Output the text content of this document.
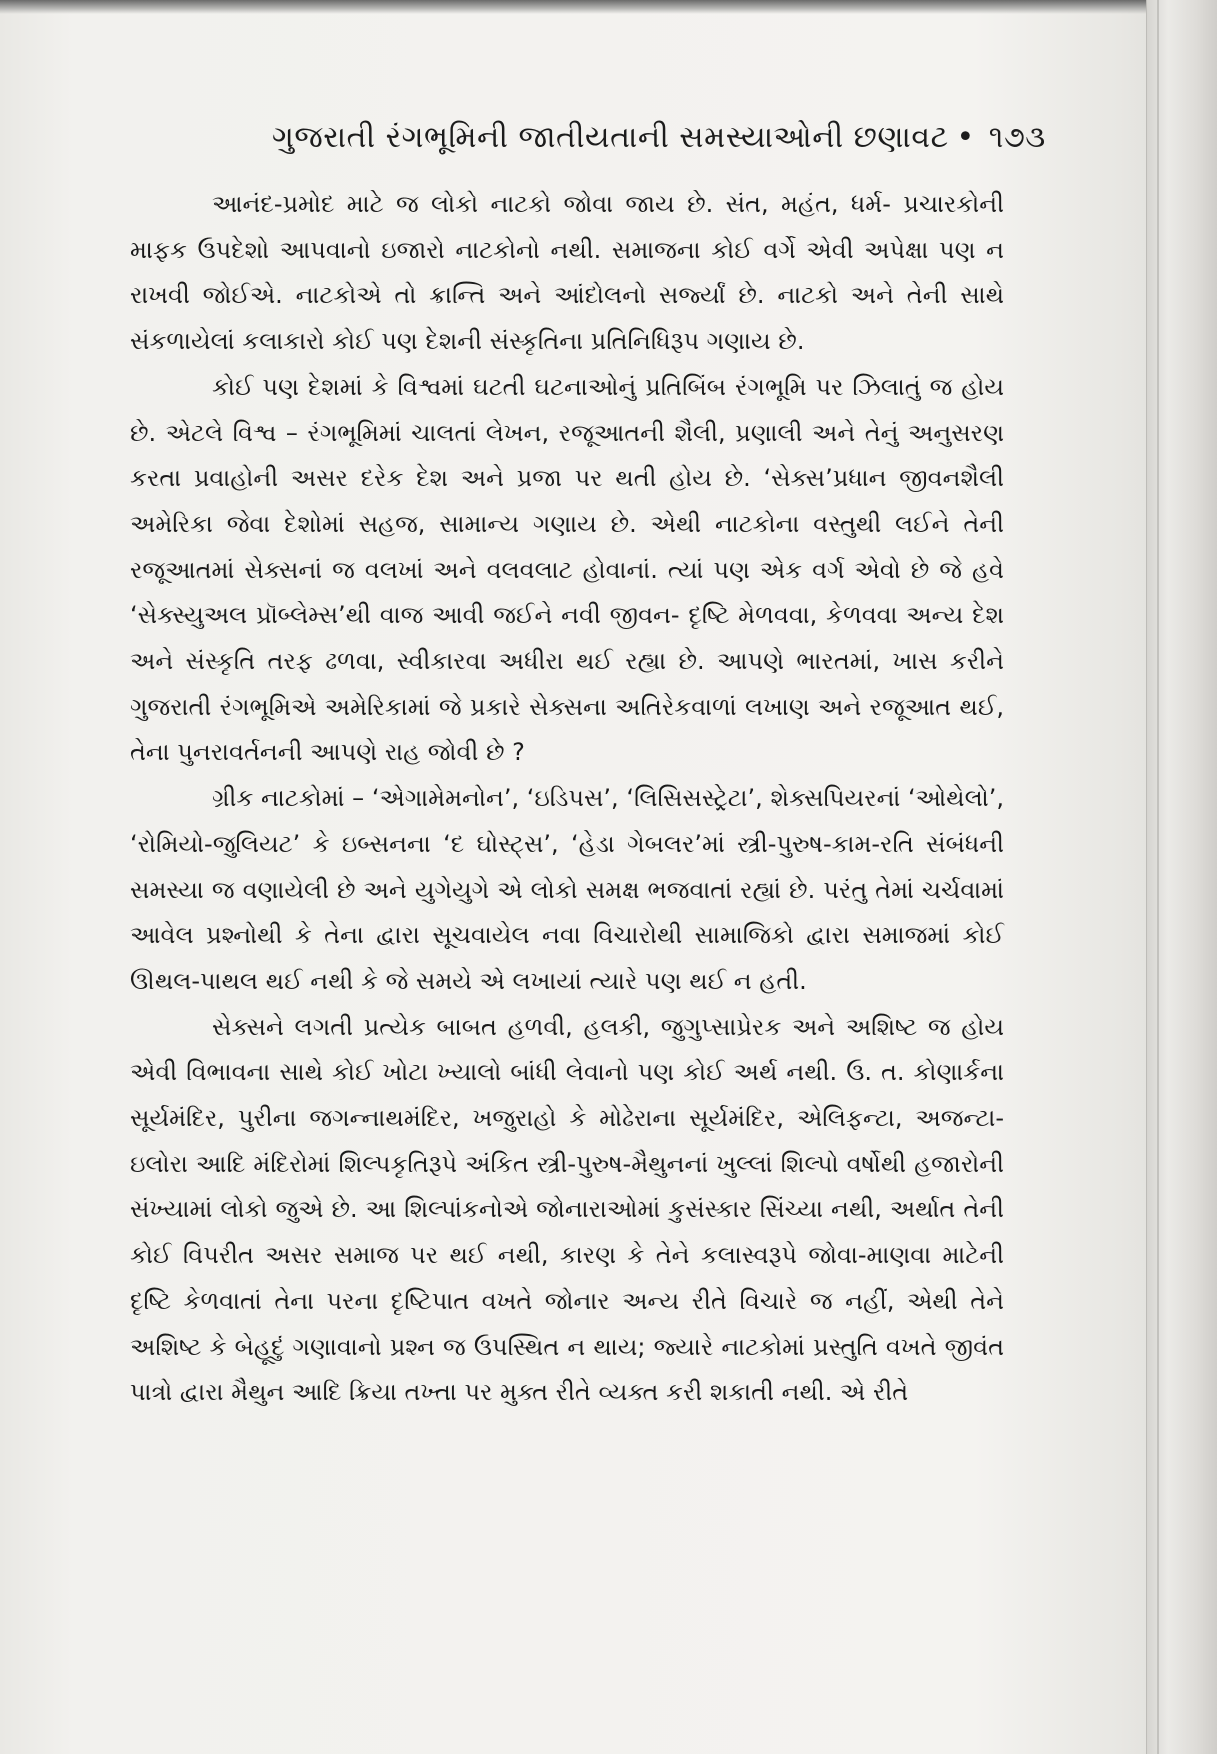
ગુજરાતી રંગભૂમિની જાતીયતાની સમસ્યાઓની છણાવટ • ૧૭૩

આનંદ-પ્રમોદ માટે જ લોકો નાટકો જોવા જાય છે. સંત, મહંત, ધર્મ- પ્રચારકોની માફક ઉપદેશો આપવાનો ઇજારો નાટકોનો નથી. સમાજના કોઈ વર્ગે એવી અપેક્ષા પણ ન રાખવી જોઈએ. નાટકોએ તો ક્રાન્તિ અને આંદોલનો સર્જ્યાં છે. નાટકો અને તેની સાથે સંકળાયેલાં કલાકારો કોઈ પણ દેશની સંસ્કૃતિના પ્રતિનિધિરૂપ ગણાય છે.

કોઈ પણ દેશમાં કે વિશ્વમાં ઘટતી ઘટનાઓનું પ્રતિબિંબ રંગભૂમિ પર ઝિલાતું જ હોય છે. એટલે વિશ્વ – રંગભૂમિમાં ચાલતાં લેખન, રજૂઆતની શૈલી, પ્રણાલી અને તેનું અનુસરણ કરતા પ્રવાહોની અસર દરેક દેશ અને પ્રજા પર થતી હોય છે. ‘સેક્સ’પ્રધાન જીવનશૈલી અમેરિકા જેવા દેશોમાં સહજ, સામાન્ય ગણાય છે. એથી નાટકોના વસ્તુથી લઈને તેની રજૂઆતમાં સેક્સનાં જ વલખાં અને વલવલાટ હોવાનાં. ત્યાં પણ એક વર્ગ એવો છે જે હવે ‘સેક્સ્યુઅલ પ્રૉબ્લેમ્સ’થી વાજ આવી જઈને નવી જીવન- દૃષ્ટિ મેળવવા, કેળવવા અન્ય દેશ અને સંસ્કૃતિ તરફ ઢળવા, સ્વીકારવા અધીરા થઈ રહ્યા છે. આપણે ભારતમાં, ખાસ કરીને ગુજરાતી રંગભૂમિએ અમેરિકામાં જે પ્રકારે સેક્સના અતિરેકવાળાં લખાણ અને રજૂઆત થઈ, તેના પુનરાવર્તનની આપણે રાહ જોવી છે ?

ગ્રીક નાટકોમાં – ‘એગામેમનોન’, ‘ઇડિપસ’, ‘લિસિસસ્ટ્રેટા’, શેક્સપિયરનાં ‘ઓથેલો’, ‘રોમિયો-જુલિયટ’ કે ઇબ્સનના ‘દ ઘોસ્ટ્સ’, ‘હેડા ગેબલર’માં સ્ત્રી-પુરુષ-કામ-રતિ સંબંધની સમસ્યા જ વણાયેલી છે અને યુગેયુગે એ લોકો સમક્ષ ભજવાતાં રહ્યાં છે. પરંતુ તેમાં ચર્ચવામાં આવેલ પ્રશ્નોથી કે તેના દ્વારા સૂચવાયેલ નવા વિચારોથી સામાજિકો દ્વારા સમાજમાં કોઈ ઊથલ-પાથલ થઈ નથી કે જે સમયે એ લખાયાં ત્યારે પણ થઈ ન હતી.

સેક્સને લગતી પ્રત્યેક બાબત હળવી, હલકી, જુગુપ્સાપ્રેરક અને અશિષ્ટ જ હોય એવી વિભાવના સાથે કોઈ ખોટા ખ્યાલો બાંધી લેવાનો પણ કોઈ અર્થ નથી. ઉ. ત. કોણાર્કના સૂર્યમંદિર, પુરીના જગન્નાથમંદિર, ખજુરાહો કે મોઢેરાના સૂર્યમંદિર, એલિફન્ટા, અજન્ટા-ઇલોરા આદિ મંદિરોમાં શિલ્પકૃતિરૂપે અંકિત સ્ત્રી-પુરુષ-મૈથુનનાં ખુલ્લાં શિલ્પો વર્ષોથી હજારોની સંખ્યામાં લોકો જુએ છે. આ શિલ્પાંકનોએ જોનારાઓમાં કુસંસ્કાર સિંચ્યા નથી, અર્થાત તેની કોઈ વિપરીત અસર સમાજ પર થઈ નથી, કારણ કે તેને કલાસ્વરૂપે જોવા-માણવા માટેની દૃષ્ટિ કેળવાતાં તેના પરના દૃષ્ટિપાત વખતે જોનાર અન્ય રીતે વિચારે જ નહીં, એથી તેને અશિષ્ટ કે બેહૂદું ગણાવાનો પ્રશ્ન જ ઉપસ્થિત ન થાય; જ્યારે નાટકોમાં પ્રસ્તુતિ વખતે જીવંત પાત્રો દ્વારા મૈથુન આદિ ક્રિયા તખ્તા પર મુક્ત રીતે વ્યક્ત કરી શકાતી નથી. એ રીતે
